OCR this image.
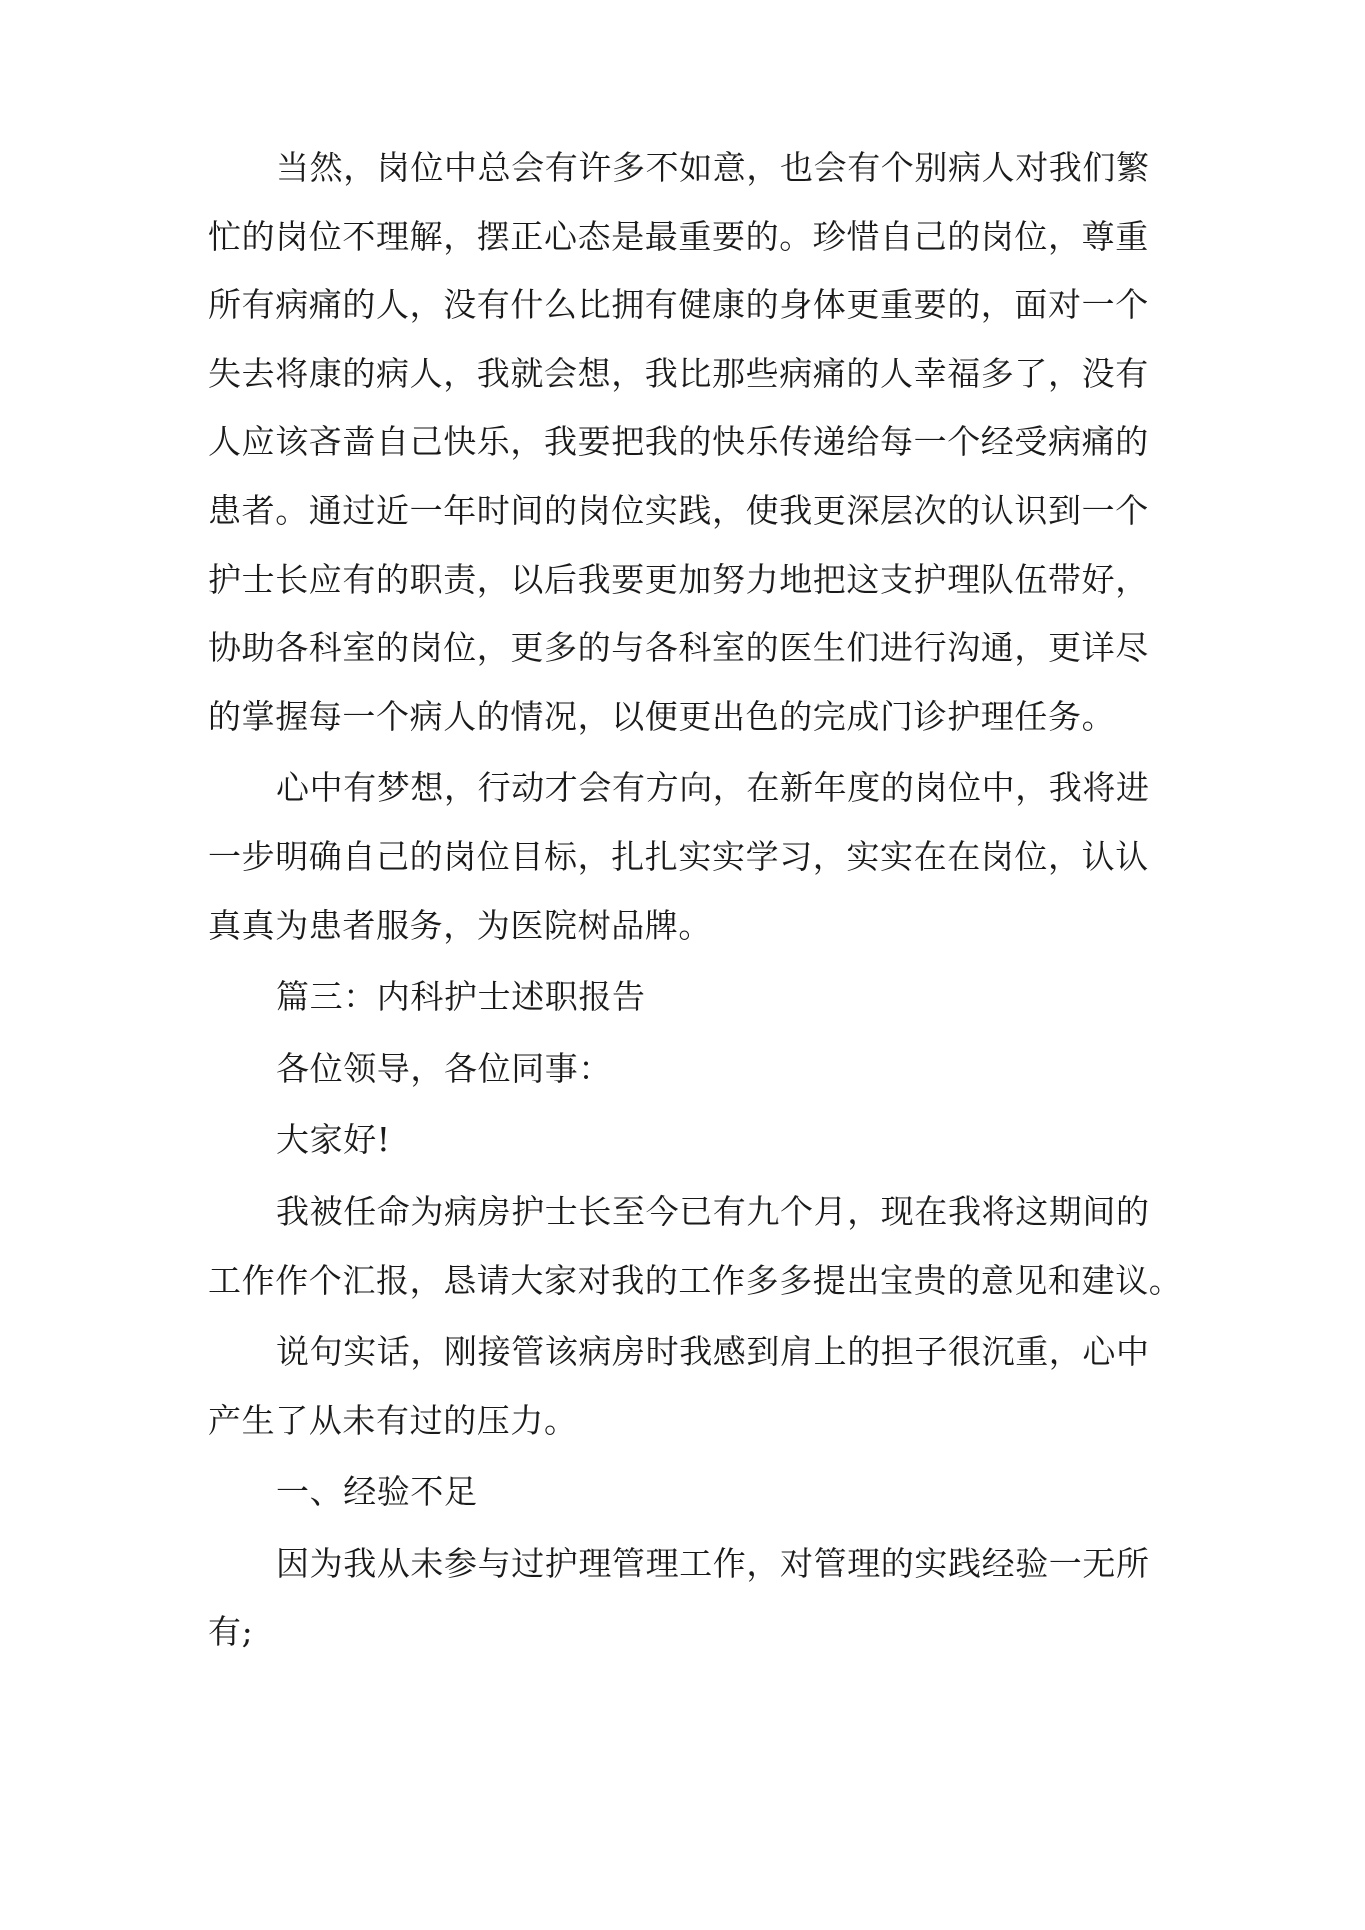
当然，岗位中总会有许多不如意，也会有个别病人对我们繁
忙的岗位不理解，摆正心态是最重要的。珍惜自己的岗位，尊重
所有病痛的人，没有什么比拥有健康的身体更重要的，面对一个
失去将康的病人，我就会想，我比那些病痛的人幸福多了，没有
人应该吝啬自己快乐，我要把我的快乐传递给每一个经受病痛的
患者。通过近一年时间的岗位实践，使我更深层次的认识到一个
护士长应有的职责，以后我要更加努力地把这支护理队伍带好，
协助各科室的岗位，更多的与各科室的医生们进行沟通，更详尽
的掌握每一个病人的情况，以便更出色的完成门诊护理任务。

心中有梦想，行动才会有方向，在新年度的岗位中，我将进
一步明确自己的岗位目标，扎扎实实学习，实实在在岗位，认认
真真为患者服务，为医院树品牌。

篇三：内科护士述职报告

各位领导，各位同事：

大家好!

我被任命为病房护士长至今已有九个月，现在我将这期间的
工作作个汇报，恳请大家对我的工作多多提出宝贵的意见和建议。

说句实话，刚接管该病房时我感到肩上的担子很沉重，心中
产生了从未有过的压力。

一、经验不足

因为我从未参与过护理管理工作，对管理的实践经验一无所
有;
